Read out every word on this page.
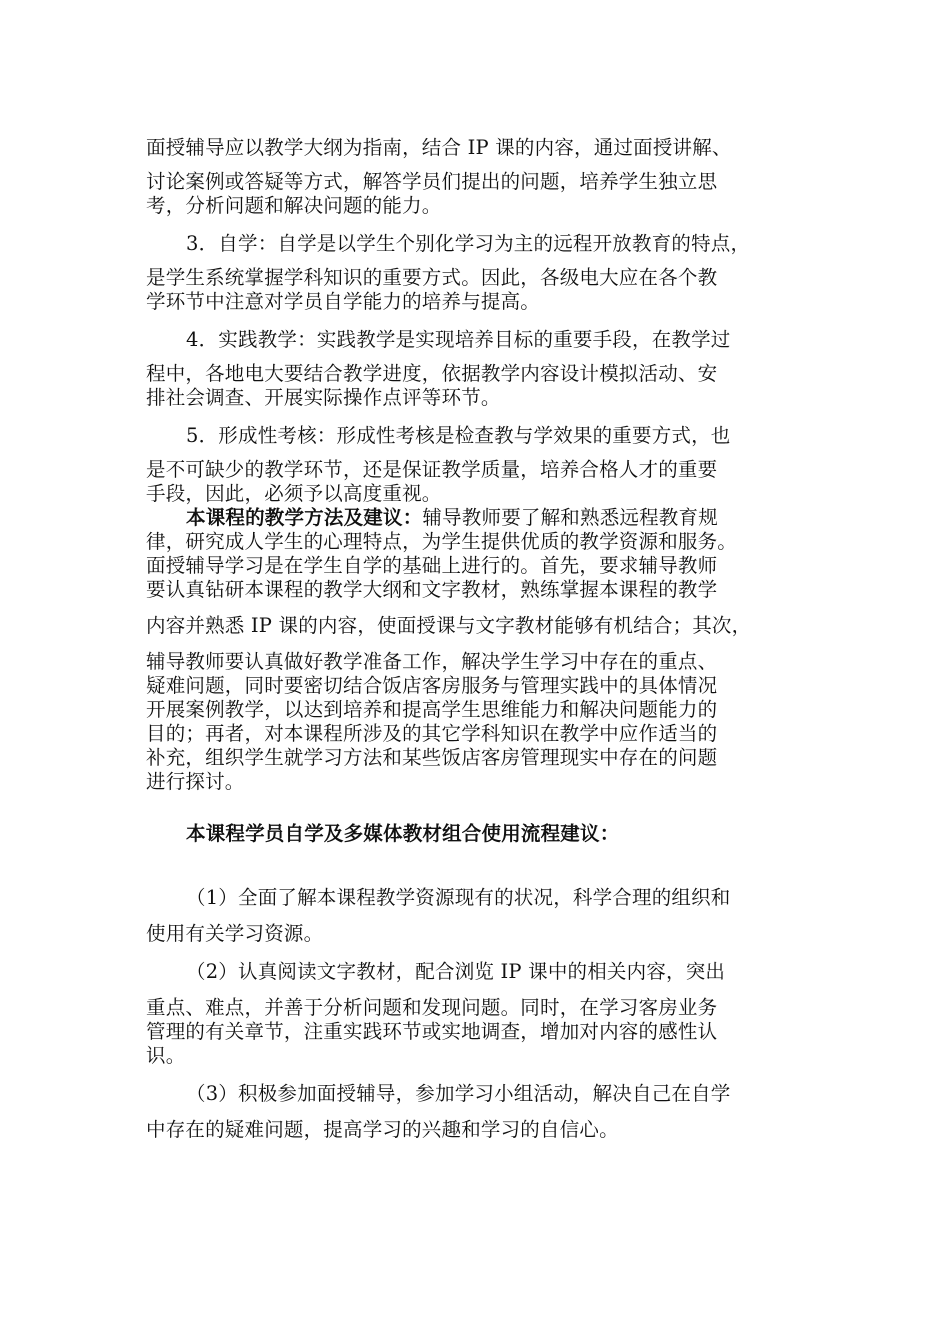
面授辅导应以教学大纲为指南，结合 IP 课的内容，通过面授讲解、
讨论案例或答疑等方式，解答学员们提出的问题，培养学生独立思
考，分析问题和解决问题的能力。

3．自学：自学是以学生个别化学习为主的远程开放教育的特点，
是学生系统掌握学科知识的重要方式。因此，各级电大应在各个教
学环节中注意对学员自学能力的培养与提高。

4．实践教学：实践教学是实现培养目标的重要手段，在教学过
程中，各地电大要结合教学进度，依据教学内容设计模拟活动、安
排社会调查、开展实际操作点评等环节。

5．形成性考核：形成性考核是检查教与学效果的重要方式，也
是不可缺少的教学环节，还是保证教学质量，培养合格人才的重要
手段，因此，必须予以高度重视。

本课程的教学方法及建议：辅导教师要了解和熟悉远程教育规
律，研究成人学生的心理特点，为学生提供优质的教学资源和服务。
面授辅导学习是在学生自学的基础上进行的。首先，要求辅导教师
要认真钻研本课程的教学大纲和文字教材，熟练掌握本课程的教学
内容并熟悉 IP 课的内容，使面授课与文字教材能够有机结合；其次，
辅导教师要认真做好教学准备工作，解决学生学习中存在的重点、
疑难问题，同时要密切结合饭店客房服务与管理实践中的具体情况
开展案例教学，以达到培养和提高学生思维能力和解决问题能力的
目的；再者，对本课程所涉及的其它学科知识在教学中应作适当的
补充，组织学生就学习方法和某些饭店客房管理现实中存在的问题
进行探讨。

本课程学员自学及多媒体教材组合使用流程建议：

（1）全面了解本课程教学资源现有的状况，科学合理的组织和
使用有关学习资源。

（2）认真阅读文字教材，配合浏览 IP 课中的相关内容，突出
重点、难点，并善于分析问题和发现问题。同时，在学习客房业务
管理的有关章节，注重实践环节或实地调查，增加对内容的感性认
识。

（3）积极参加面授辅导，参加学习小组活动，解决自己在自学
中存在的疑难问题，提高学习的兴趣和学习的自信心。
